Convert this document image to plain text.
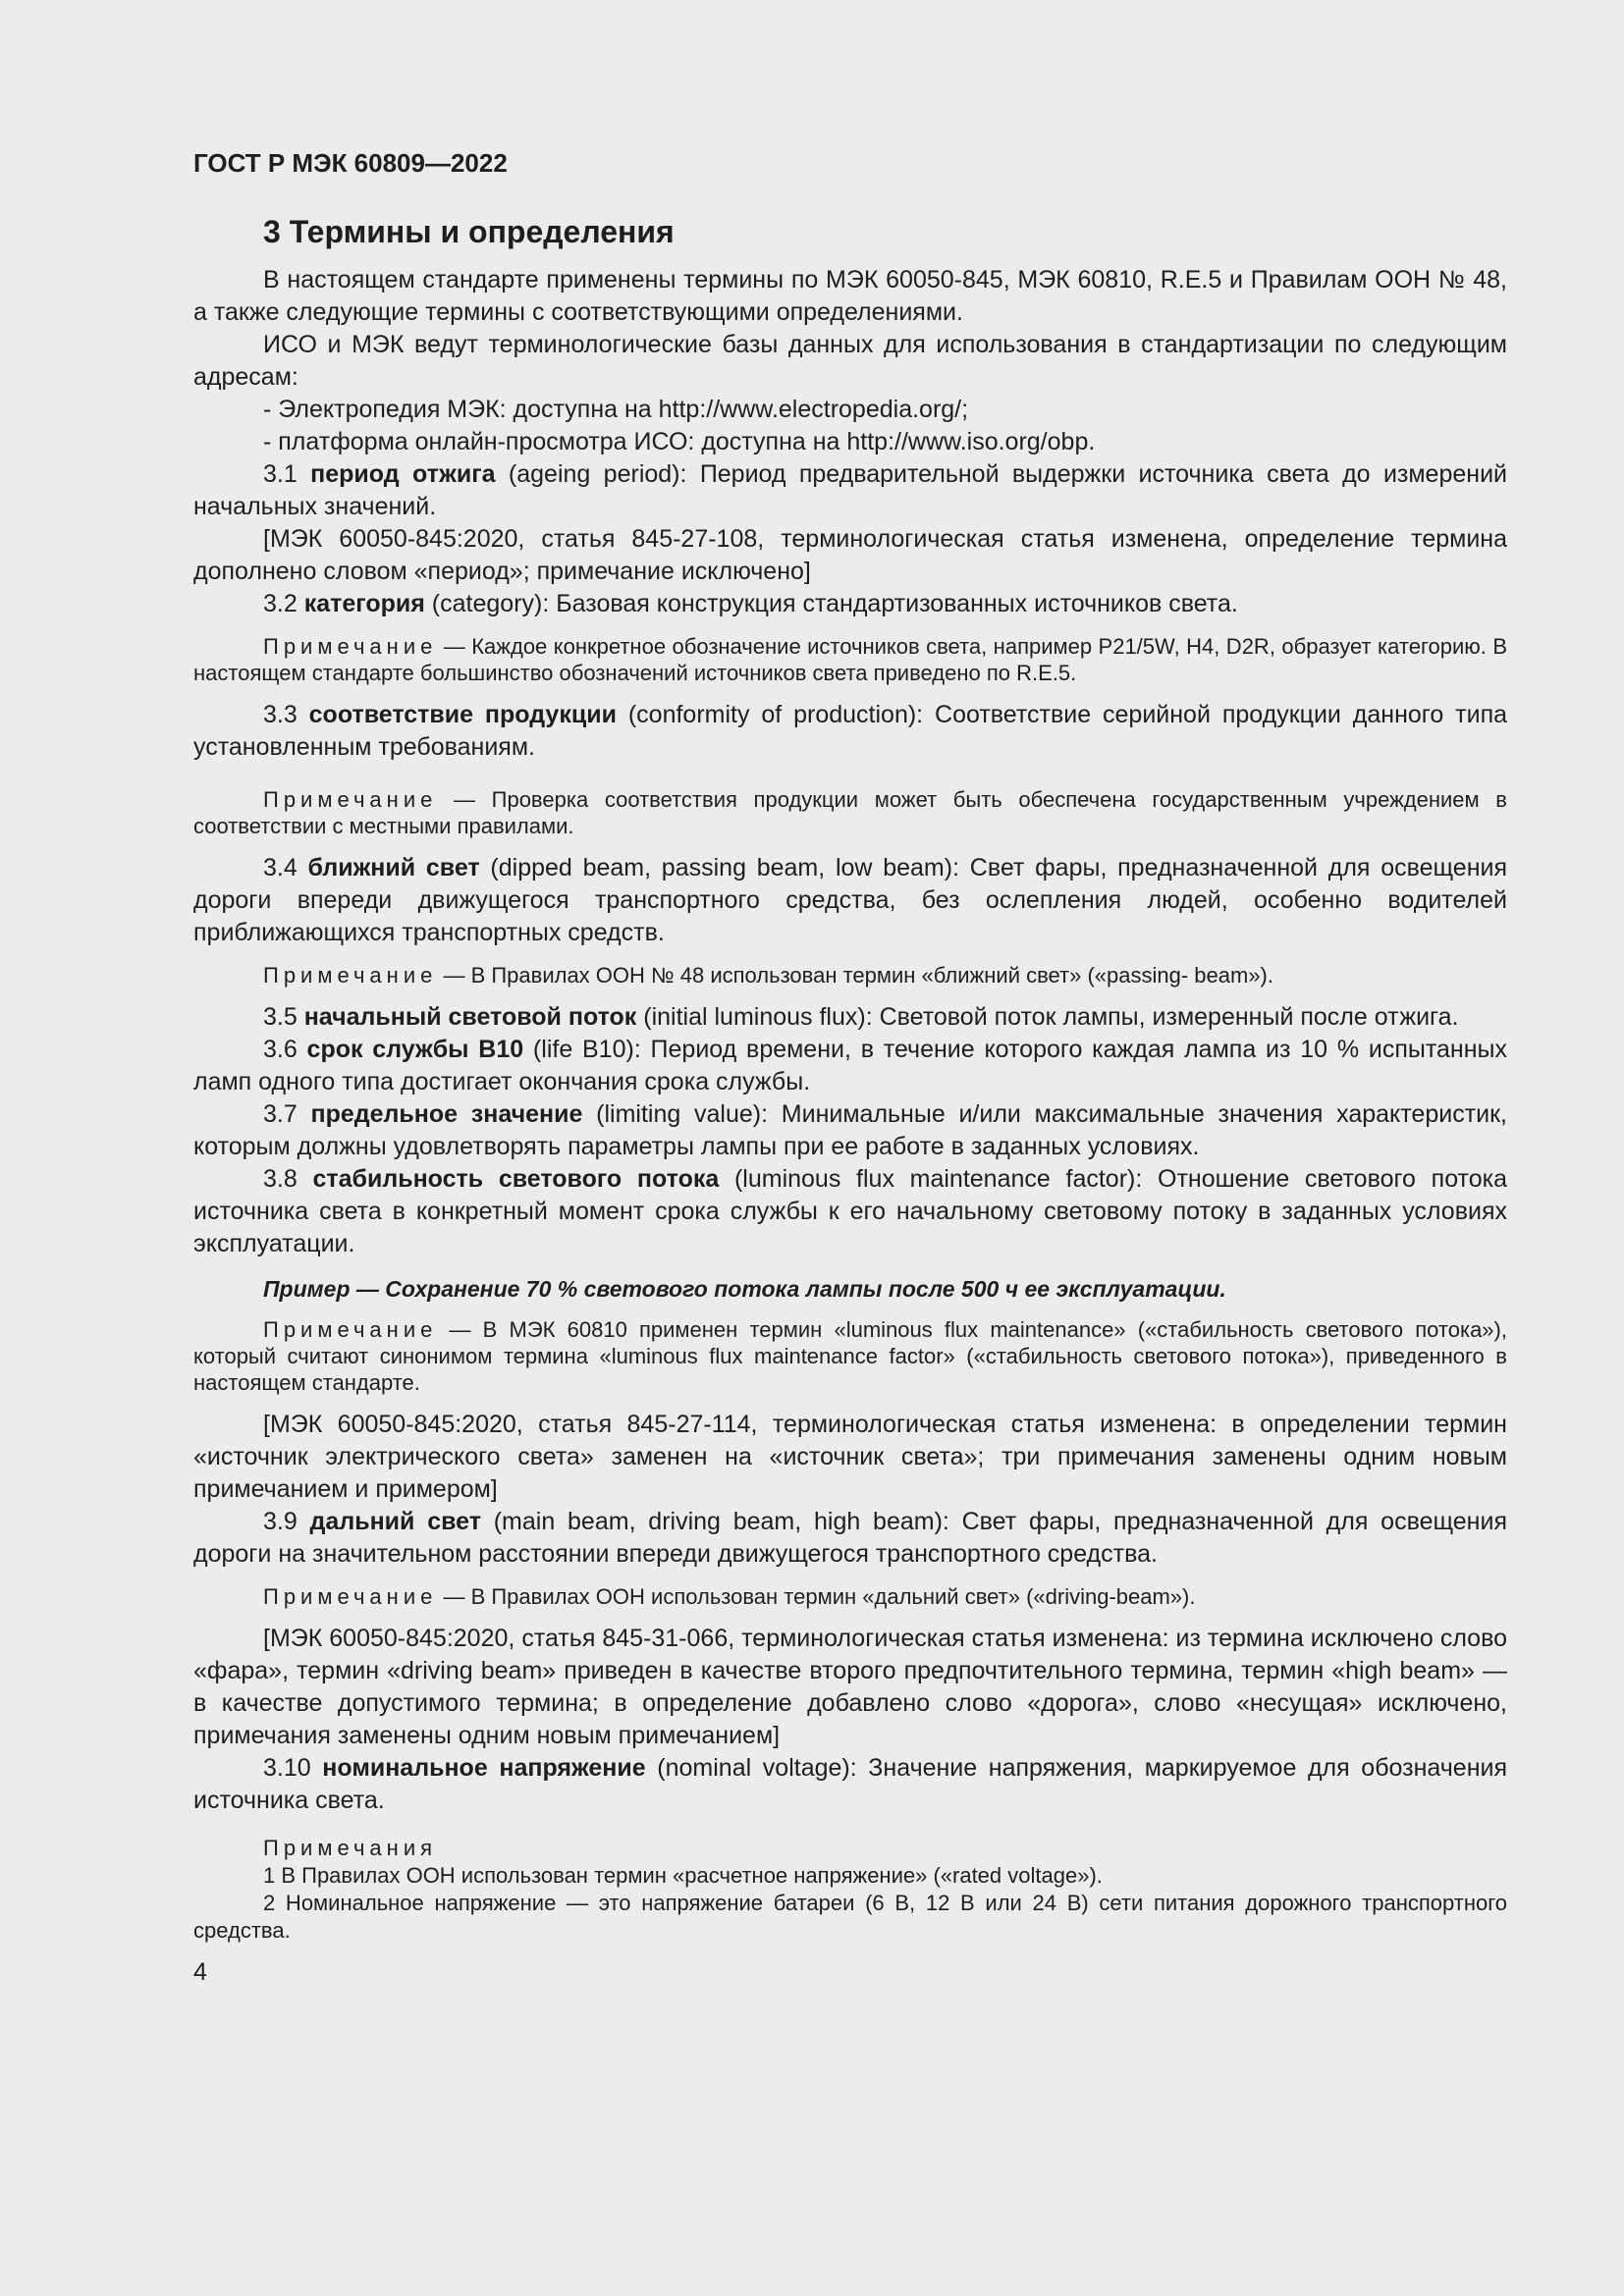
ГОСТ Р МЭК 60809—2022
3 Термины и определения

В настоящем стандарте применены термины по МЭК 60050-845, МЭК 60810, R.E.5 и Правилам ООН № 48, а также следующие термины с соответствующими определениями.

ИСО и МЭК ведут терминологические базы данных для использования в стандартизации по следующим адресам:

- Электропедия МЭК: доступна на http://www.electropedia.org/;

- платформа онлайн-просмотра ИСО: доступна на http://www.iso.org/obp.

3.1 период отжига (ageing period): Период предварительной выдержки источника света до измерений начальных значений.

[МЭК 60050-845:2020, статья 845-27-108, терминологическая статья изменена, определение термина дополнено словом «период»; примечание исключено]

3.2 категория (category): Базовая конструкция стандартизованных источников света.

Примечание — Каждое конкретное обозначение источников света, например P21/5W, H4, D2R, образует категорию. В настоящем стандарте большинство обозначений источников света приведено по R.E.5.

3.3 соответствие продукции (conformity of production): Соответствие серийной продукции данного типа установленным требованиям.

Примечание — Проверка соответствия продукции может быть обеспечена государственным учреждением в соответствии с местными правилами.

3.4 ближний свет (dipped beam, passing beam, low beam): Свет фары, предназначенной для освещения дороги впереди движущегося транспортного средства, без ослепления людей, особенно водителей приближающихся транспортных средств.

Примечание — В Правилах ООН № 48 использован термин «ближний свет» («passing- beam»).

3.5 начальный световой поток (initial luminous flux): Световой поток лампы, измеренный после отжига.

3.6 срок службы B10 (life B10): Период времени, в течение которого каждая лампа из 10 % испытанных ламп одного типа достигает окончания срока службы.

3.7 предельное значение (limiting value): Минимальные и/или максимальные значения характеристик, которым должны удовлетворять параметры лампы при ее работе в заданных условиях.

3.8 стабильность светового потока (luminous flux maintenance factor): Отношение светового потока источника света в конкретный момент срока службы к его начальному световому потоку в заданных условиях эксплуатации.

Пример — Сохранение 70 % светового потока лампы после 500 ч ее эксплуатации.

Примечание — В МЭК 60810 применен термин «luminous flux maintenance» («стабильность светового потока»), который считают синонимом термина «luminous flux maintenance factor» («стабильность светового потока»), приведенного в настоящем стандарте.

[МЭК 60050-845:2020, статья 845-27-114, терминологическая статья изменена: в определении термин «источник электрического света» заменен на «источник света»; три примечания заменены одним новым примечанием и примером]

3.9 дальний свет (main beam, driving beam, high beam): Свет фары, предназначенной для освещения дороги на значительном расстоянии впереди движущегося транспортного средства.

Примечание — В Правилах ООН использован термин «дальний свет» («driving-beam»).

[МЭК 60050-845:2020, статья 845-31-066, терминологическая статья изменена: из термина исключено слово «фара», термин «driving beam» приведен в качестве второго предпочтительного термина, термин «high beam» — в качестве допустимого термина; в определение добавлено слово «дорога», слово «несущая» исключено, примечания заменены одним новым примечанием]

3.10 номинальное напряжение (nominal voltage): Значение напряжения, маркируемое для обозначения источника света.

Примечания

1 В Правилах ООН использован термин «расчетное напряжение» («rated voltage»).

2 Номинальное напряжение — это напряжение батареи (6 В, 12 В или 24 В) сети питания дорожного транспортного средства.

4
